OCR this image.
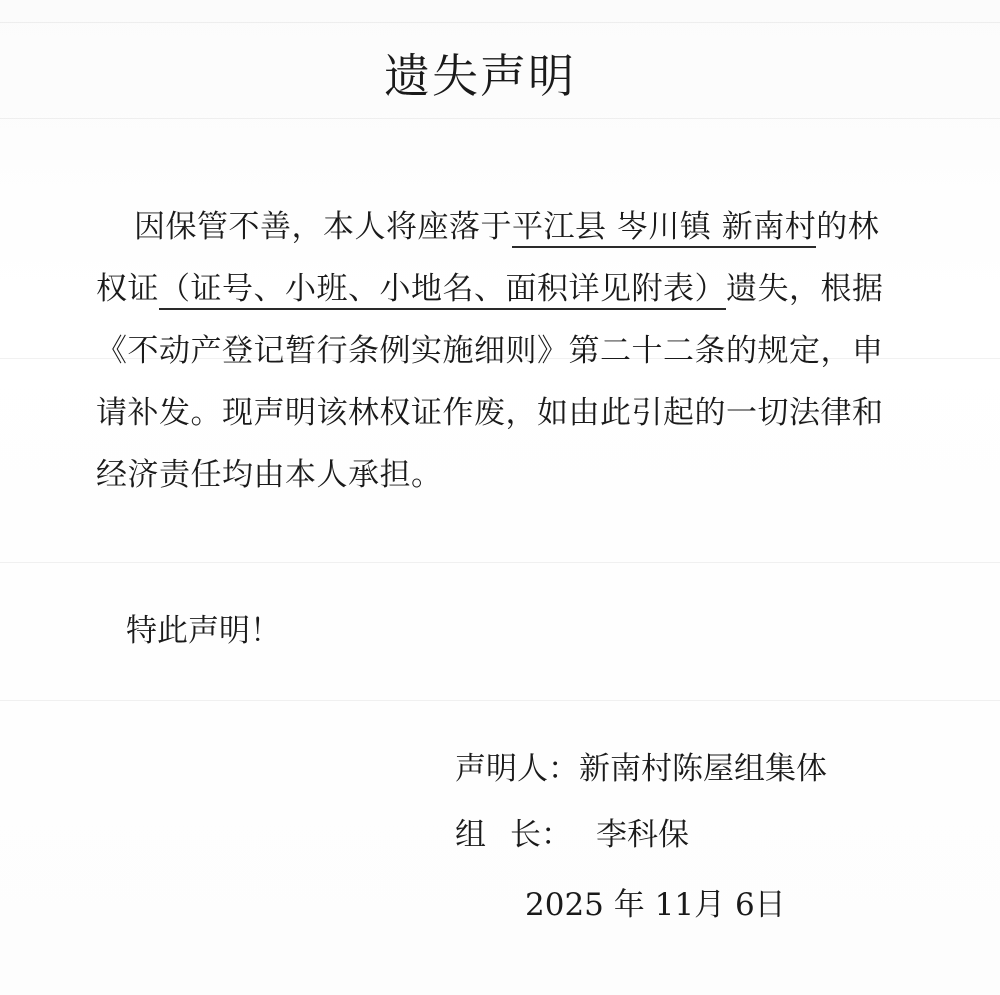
遗失声明
因保管不善，本人将座落于平江县 岑川镇 新南村的林
权证（证号、小班、小地名、面积详见附表）遗失，根据
《不动产登记暂行条例实施细则》第二十二条的规定，申
请补发。现声明该林权证作废，如由此引起的一切法律和
经济责任均由本人承担。
特此声明！
声明人：新南村陈屋组集体
组 长： 李科保
2025 年 11月 6日
